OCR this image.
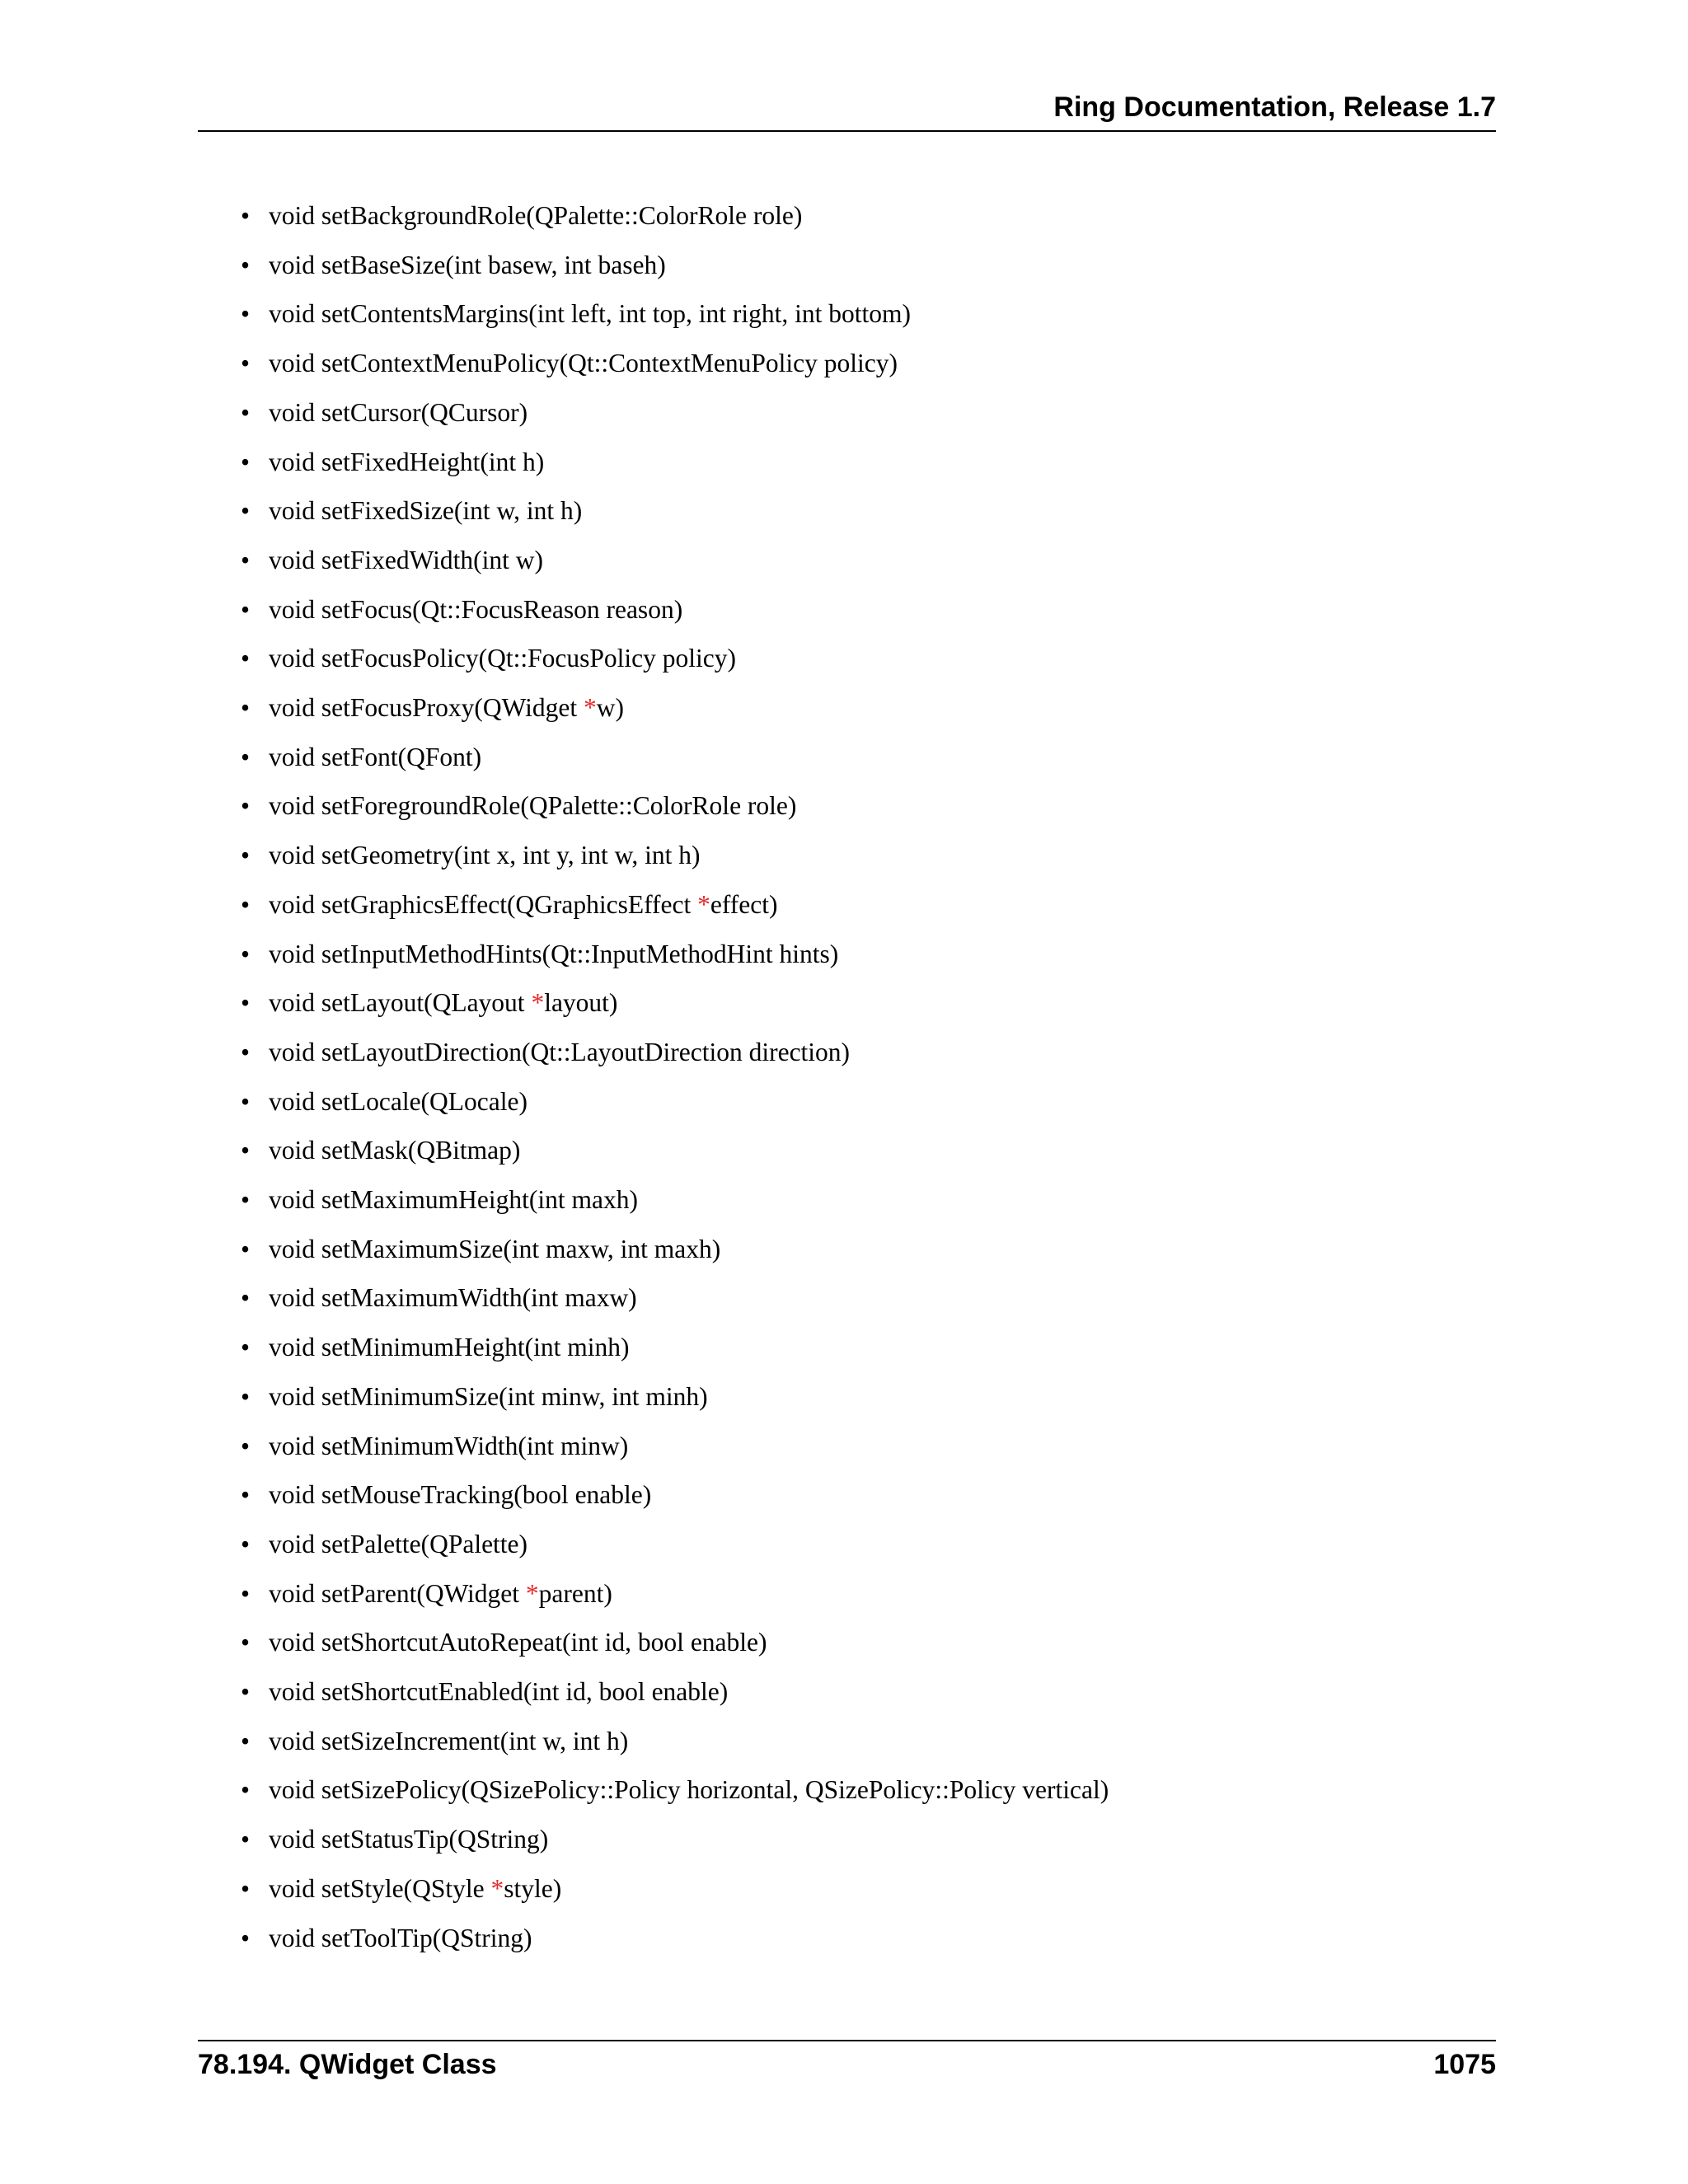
Ring Documentation, Release 1.7
• void setBackgroundRole(QPalette::ColorRole role)
• void setBaseSize(int basew, int baseh)
• void setContentsMargins(int left, int top, int right, int bottom)
• void setContextMenuPolicy(Qt::ContextMenuPolicy policy)
• void setCursor(QCursor)
• void setFixedHeight(int h)
• void setFixedSize(int w, int h)
• void setFixedWidth(int w)
• void setFocus(Qt::FocusReason reason)
• void setFocusPolicy(Qt::FocusPolicy policy)
• void setFocusProxy(QWidget *w)
• void setFont(QFont)
• void setForegroundRole(QPalette::ColorRole role)
• void setGeometry(int x, int y, int w, int h)
• void setGraphicsEffect(QGraphicsEffect *effect)
• void setInputMethodHints(Qt::InputMethodHint hints)
• void setLayout(QLayout *layout)
• void setLayoutDirection(Qt::LayoutDirection direction)
• void setLocale(QLocale)
• void setMask(QBitmap)
• void setMaximumHeight(int maxh)
• void setMaximumSize(int maxw, int maxh)
• void setMaximumWidth(int maxw)
• void setMinimumHeight(int minh)
• void setMinimumSize(int minw, int minh)
• void setMinimumWidth(int minw)
• void setMouseTracking(bool enable)
• void setPalette(QPalette)
• void setParent(QWidget *parent)
• void setShortcutAutoRepeat(int id, bool enable)
• void setShortcutEnabled(int id, bool enable)
• void setSizeIncrement(int w, int h)
• void setSizePolicy(QSizePolicy::Policy horizontal, QSizePolicy::Policy vertical)
• void setStatusTip(QString)
• void setStyle(QStyle *style)
• void setToolTip(QString)
78.194. QWidget Class	1075
